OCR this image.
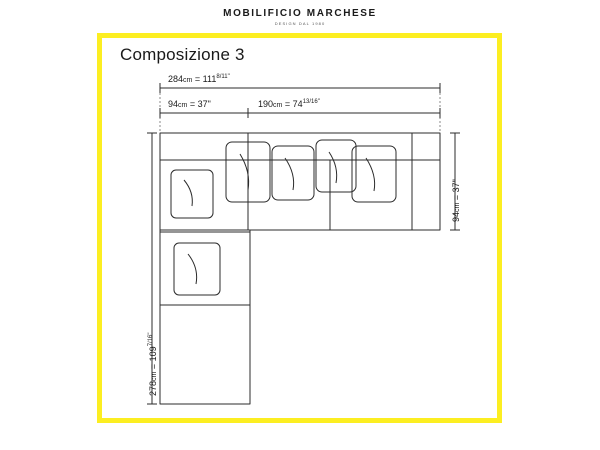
MOBILIFICIO MARCHESE
DESIGN DAL 1980
Composizione 3
$284cm = 111^{8/11"}$
94cm = 37"	$190cm = 74^{13/16"}$
$278cm = 109^{7/16"}$
94cm = 37"
